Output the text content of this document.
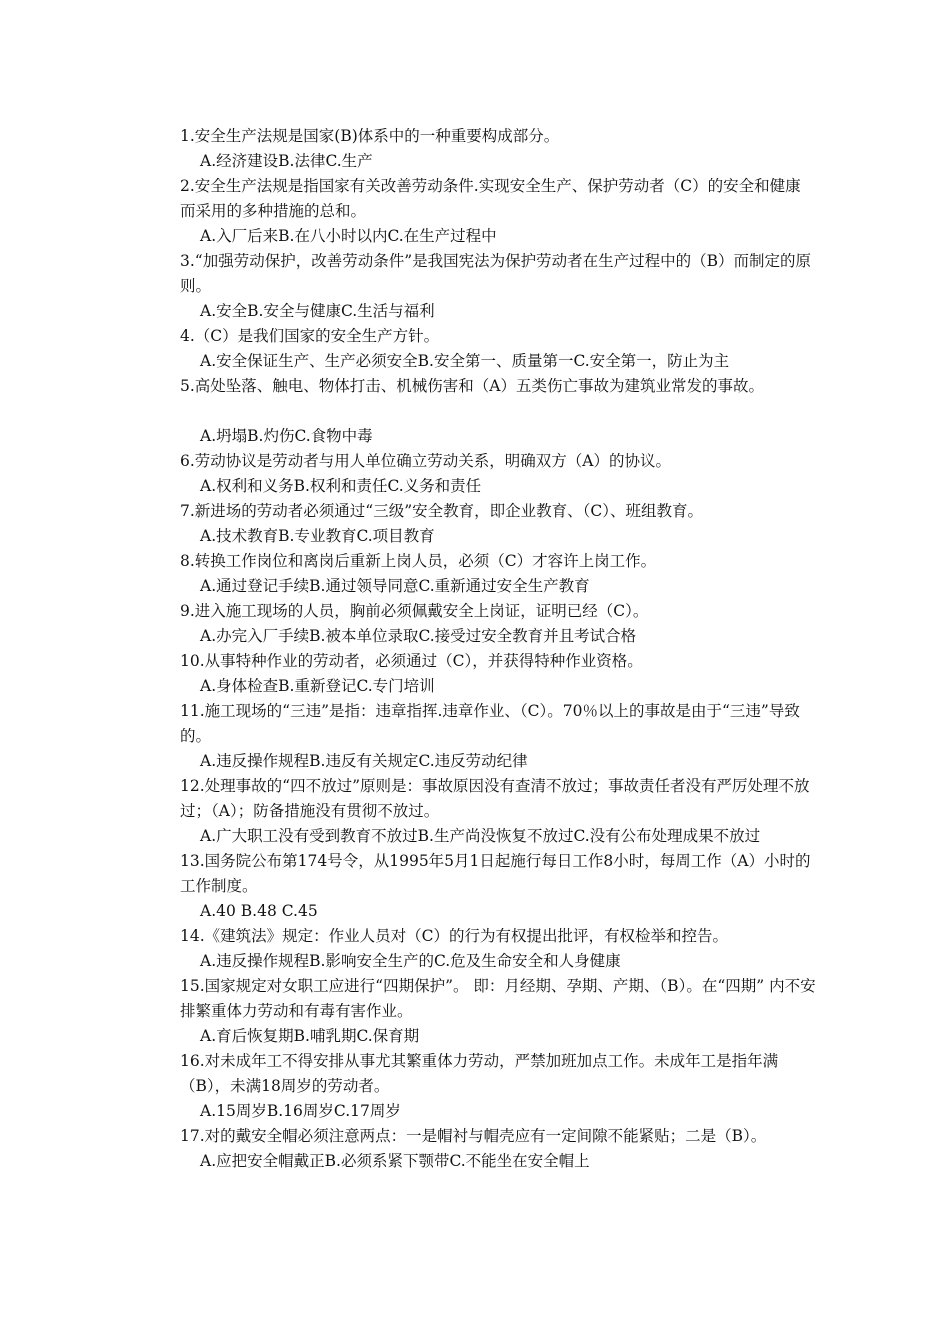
1.安全生产法规是国家(B)体系中的一种重要构成部分。

A.经济建设B.法律C.生产

2.安全生产法规是指国家有关改善劳动条件.实现安全生产、保护劳动者（C）的安全和健康而采用的多种措施的总和。

A.入厂后来B.在八小时以内C.在生产过程中

3.“加强劳动保护，改善劳动条件”是我国宪法为保护劳动者在生产过程中的（B）而制定的原则。

A.安全B.安全与健康C.生活与福利

4.（C）是我们国家的安全生产方针。

A.安全保证生产、生产必须安全B.安全第一、质量第一C.安全第一，防止为主

5.高处坠落、触电、物体打击、机械伤害和（A）五类伤亡事故为建筑业常发的事故。

A.坍塌B.灼伤C.食物中毒

6.劳动协议是劳动者与用人单位确立劳动关系，明确双方（A）的协议。

A.权利和义务B.权利和责任C.义务和责任

7.新进场的劳动者必须通过“三级”安全教育，即企业教育、（C）、班组教育。

A.技术教育B.专业教育C.项目教育

8.转换工作岗位和离岗后重新上岗人员，必须（C）才容许上岗工作。

A.通过登记手续B.通过领导同意C.重新通过安全生产教育

9.进入施工现场的人员，胸前必须佩戴安全上岗证，证明已经（C）。

A.办完入厂手续B.被本单位录取C.接受过安全教育并且考试合格

10.从事特种作业的劳动者，必须通过（C），并获得特种作业资格。

A.身体检查B.重新登记C.专门培训

11.施工现场的“三违”是指：违章指挥.违章作业、（C）。70％以上的事故是由于“三违”导致的。

A.违反操作规程B.违反有关规定C.违反劳动纪律

12.处理事故的“四不放过”原则是：事故原因没有查清不放过；事故责任者没有严厉处理不放过；（A）；防备措施没有贯彻不放过。

A.广大职工没有受到教育不放过B.生产尚没恢复不放过C.没有公布处理成果不放过

13.国务院公布第174号令，从1995年5月1日起施行每日工作8小时，每周工作（A）小时的工作制度。

A.40 B.48 C.45

14.《建筑法》规定：作业人员对（C）的行为有权提出批评，有权检举和控告。

A.违反操作规程B.影响安全生产的C.危及生命安全和人身健康

15.国家规定对女职工应进行“四期保护”。 即：月经期、孕期、产期、（B）。在“四期” 内不安排繁重体力劳动和有毒有害作业。

A.育后恢复期B.哺乳期C.保育期

16.对未成年工不得安排从事尤其繁重体力劳动，严禁加班加点工作。未成年工是指年满（B），未满18周岁的劳动者。

A.15周岁B.16周岁C.17周岁

17.对的戴安全帽必须注意两点：一是帽衬与帽壳应有一定间隙不能紧贴；二是（B）。

A.应把安全帽戴正B.必须系紧下颚带C.不能坐在安全帽上
